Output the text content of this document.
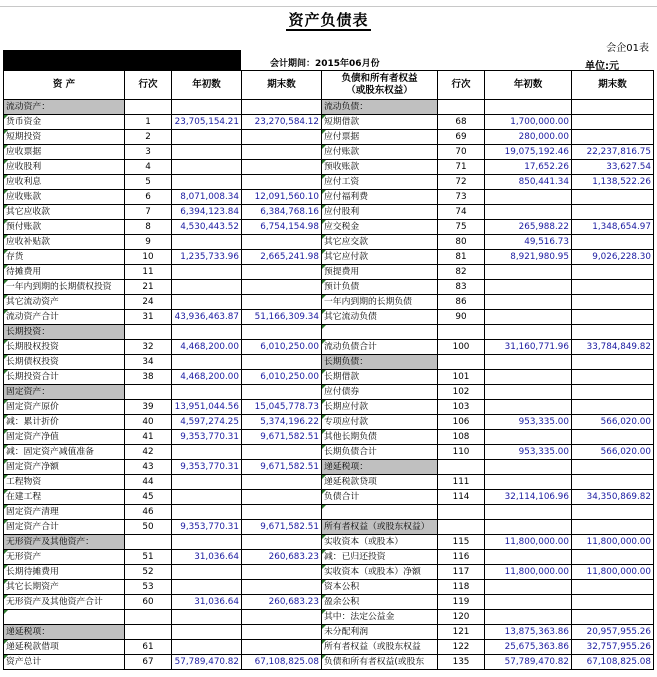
资产负债表
会企01表
会计期间：2015年06月份	单位:元
资 产	行次	年初数	期末数	负债和所有者权益
（或股东权益）	行次	年初数	期末数
流动资产：				流动负债：			
货币资金	1	23,705,154.21	23,270,584.12	短期借款	68	1,700,000.00	
短期投资	2			应付票据	69	280,000.00	
应收票据	3			应付账款	70	19,075,192.46	22,237,816.75
应收股利	4			预收账款	71	17,652.26	33,627.54
应收利息	5			应付工资	72	850,441.34	1,138,522.26
应收账款	6	8,071,008.34	12,091,560.10	应付福利费	73		
其它应收款	7	6,394,123.84	6,384,768.16	应付股利	74		
预付账款	8	4,530,443.52	6,754,154.98	应交税金	75	265,988.22	1,348,654.97
应收补贴款	9			其它应交款	80	49,516.73	
存货	10	1,235,733.96	2,665,241.98	其它应付款	81	8,921,980.95	9,026,228.30
待摊费用	11			预提费用	82		
一年内到期的长期债权投资	21			预计负债	83		
其它流动资产	24			一年内到期的长期负债	86		
流动资产合计	31	43,936,463.87	51,166,309.34	其它流动负债	90		
长期投资：							
长期股权投资	32	4,468,200.00	6,010,250.00	流动负债合计	100	31,160,771.96	33,784,849.82
长期债权投资	34			长期负债：			
长期投资合计	38	4,468,200.00	6,010,250.00	长期借款	101		
固定资产：				应付债券	102		
固定资产原价	39	13,951,044.56	15,045,778.73	长期应付款	103		
减：累计折价	40	4,597,274.25	5,374,196.22	专项应付款	106	953,335.00	566,020.00
固定资产净值	41	9,353,770.31	9,671,582.51	其他长期负债	108		
减：固定资产减值准备	42			长期负债合计	110	953,335.00	566,020.00
固定资产净额	43	9,353,770.31	9,671,582.51	递延税项：			
工程物资	44			递延税款贷项	111		
在建工程	45			负债合计	114	32,114,106.96	34,350,869.82
固定资产清理	46						
固定资产合计	50	9,353,770.31	9,671,582.51	所有者权益（或股东权益）			
无形资产及其他资产：				实收资本（或股本）	115	11,800,000.00	11,800,000.00
无形资产	51	31,036.64	260,683.23	减：已归还投资	116		
长期待摊费用	52			实收资本（或股本）净额	117	11,800,000.00	11,800,000.00
其它长期资产	53			资本公积	118		
无形资产及其他资产合计	60	31,036.64	260,683.23	盈余公积	119		
				其中：法定公益金	120		
递延税项：				未分配利润	121	13,875,363.86	20,957,955.26
递延税款借项	61			所有者权益（或股东权益	122	25,675,363.86	32,757,955.26
资产总计	67	57,789,470.82	67,108,825.08	负债和所有者权益(或股东	135	57,789,470.82	67,108,825.08
